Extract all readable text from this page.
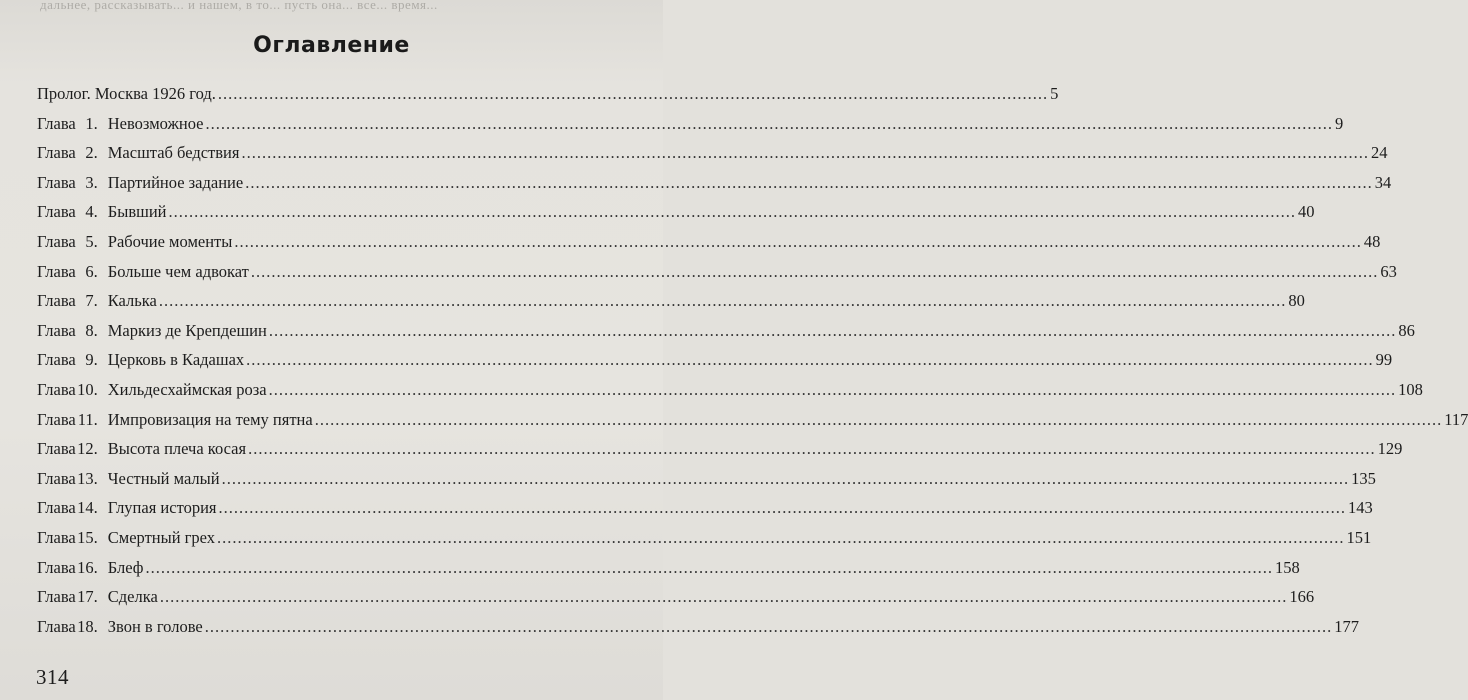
дальнее, рассказывать... и нашем, в то... пусть она... все... время...
Оглавление
Пролог. Москва 1926 год. .................................................................................................................................................................. 5
Глава 1. Невозможное ............................................................................................................................................................................................................................ 9
Глава 2. Масштаб бедствия ............................................................................................................................................................................................................................ 24
Глава 3. Партийное задание ............................................................................................................................................................................................................................ 34
Глава 4. Бывший ............................................................................................................................................................................................................................ 40
Глава 5. Рабочие моменты ............................................................................................................................................................................................................................ 48
Глава 6. Больше чем адвокат ............................................................................................................................................................................................................................ 63
Глава 7. Калька ............................................................................................................................................................................................................................ 80
Глава 8. Маркиз де Крепдешин ............................................................................................................................................................................................................................ 86
Глава 9. Церковь в Кадашах ............................................................................................................................................................................................................................ 99
Глава 10. Хильдесхаймская роза ............................................................................................................................................................................................................................ 108
Глава 11. Импровизация на тему пятна ............................................................................................................................................................................................................................ 117
Глава 12. Высота плеча косая ............................................................................................................................................................................................................................ 129
Глава 13. Честный малый ............................................................................................................................................................................................................................ 135
Глава 14. Глупая история ............................................................................................................................................................................................................................ 143
Глава 15. Смертный грех ............................................................................................................................................................................................................................ 151
Глава 16. Блеф ............................................................................................................................................................................................................................ 158
Глава 17. Сделка ............................................................................................................................................................................................................................ 166
Глава 18. Звон в голове ............................................................................................................................................................................................................................ 177
314
